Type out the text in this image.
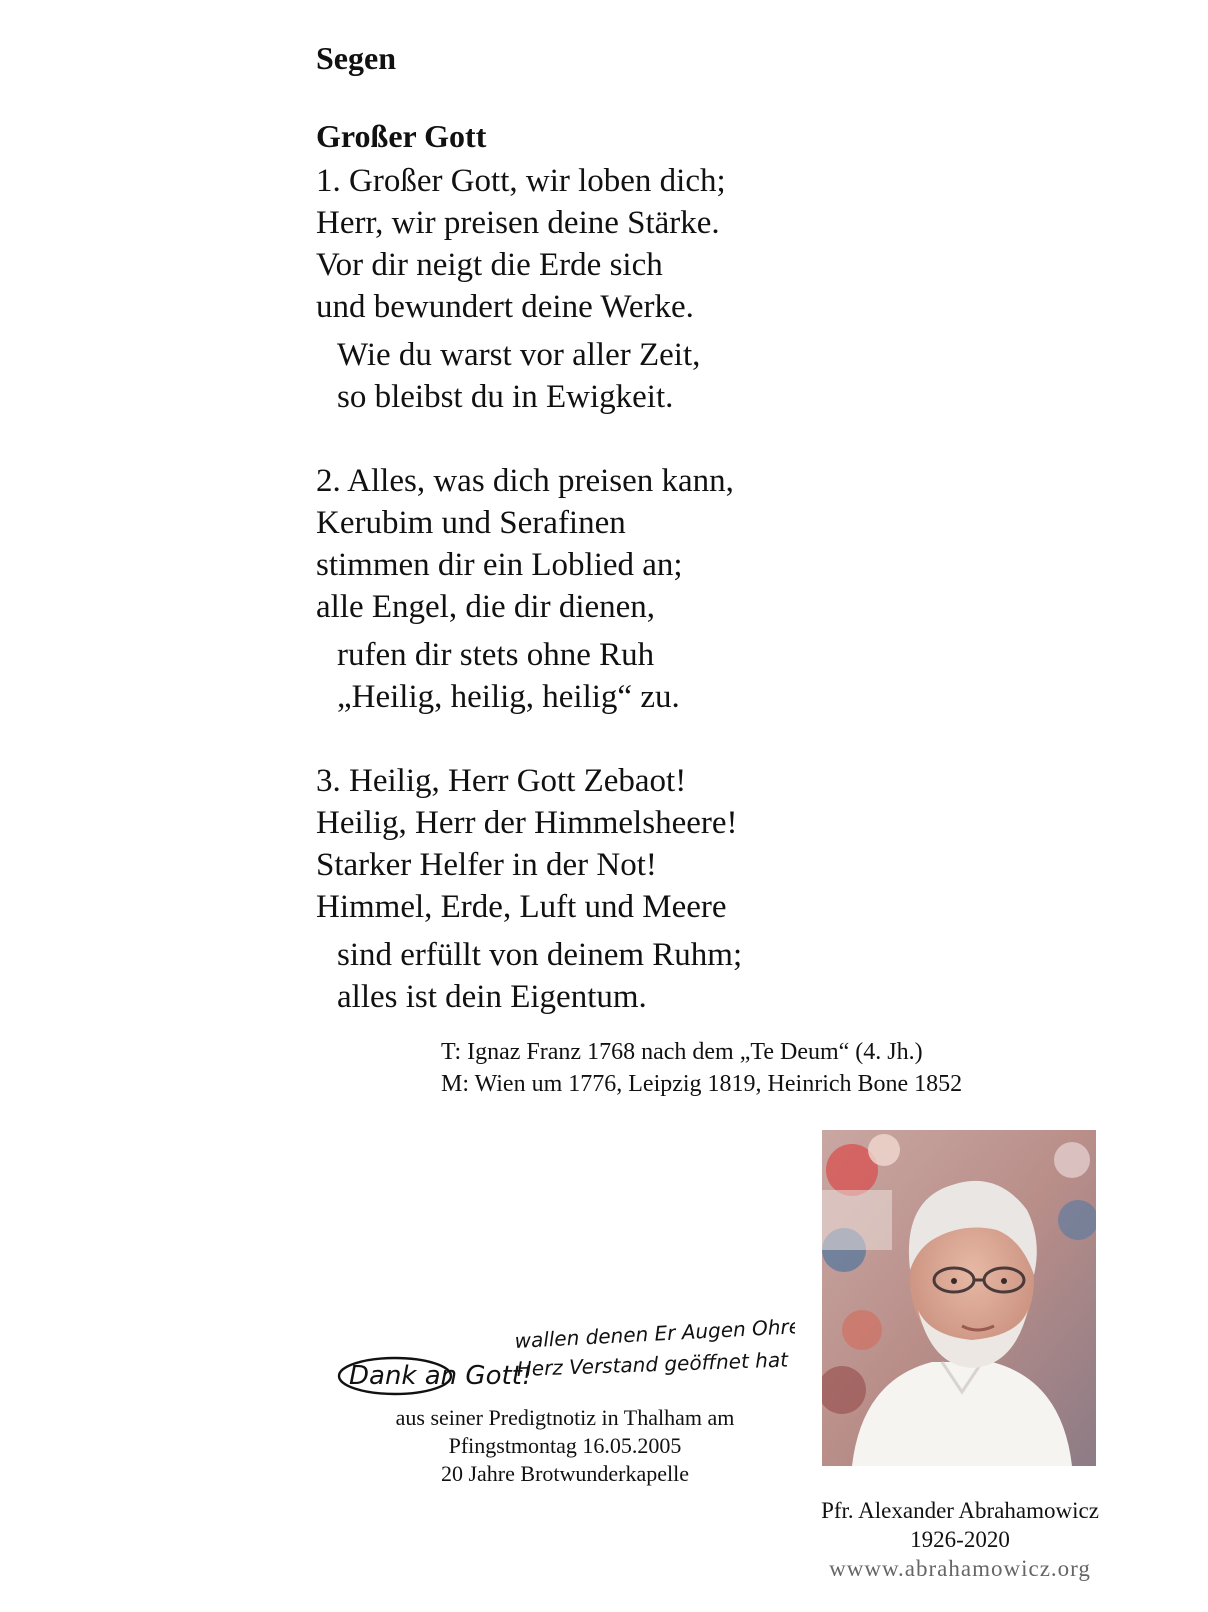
Segen
Großer Gott
1. Großer Gott, wir loben dich;
Herr, wir preisen deine Stärke.
Vor dir neigt die Erde sich
und bewundert deine Werke.
Wie du warst vor aller Zeit,
so bleibst du in Ewigkeit.
2. Alles, was dich preisen kann,
Kerubim und Serafinen
stimmen dir ein Loblied an;
alle Engel, die dir dienen,
rufen dir stets ohne Ruh
„Heilig, heilig, heilig“ zu.
3. Heilig, Herr Gott Zebaot!
Heilig, Herr der Himmelsheere!
Starker Helfer in der Not!
Himmel, Erde, Luft und Meere
sind erfüllt von deinem Ruhm;
alles ist dein Eigentum.
T: Ignaz Franz 1768 nach dem „Te Deum“ (4. Jh.)
M: Wien um 1776, Leipzig 1819, Heinrich Bone 1852
Dank an Gott!
wallen denen Er Augen Ohren
Herz Verstand geöffnet hat
aus seiner Predigtnotiz in Thalham am
Pfingstmontag 16.05.2005
20 Jahre Brotwunderkapelle
Pfr. Alexander Abrahamowicz
1926-2020
wwww.abrahamowicz.org
